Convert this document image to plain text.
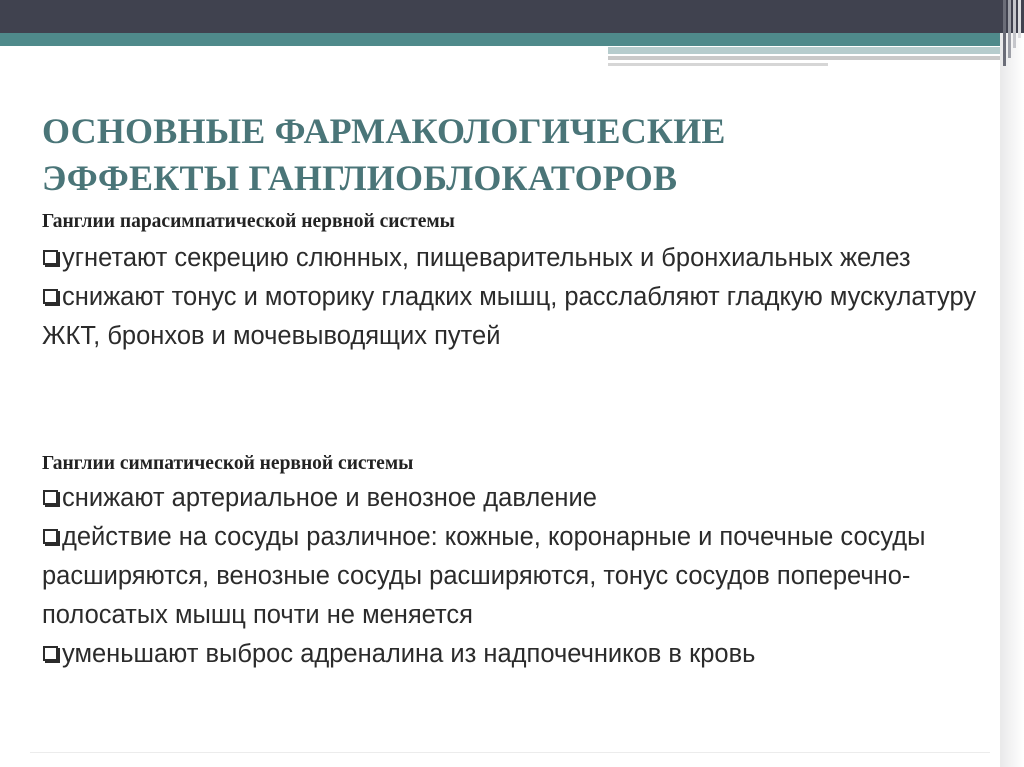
ОСНОВНЫЕ ФАРМАКОЛОГИЧЕСКИЕ
ЭФФЕКТЫ ГАНГЛИОБЛОКАТОРОВ
Ганглии парасимпатической нервной системы
угнетают секрецию слюнных, пищеварительных и бронхиальных желез
снижают тонус и моторику гладких мышц, расслабляют гладкую мускулатуру ЖКТ, бронхов и мочевыводящих путей
Ганглии симпатической нервной системы
снижают артериальное и венозное давление
действие на сосуды различное: кожные, коронарные и почечные сосуды расширяются, венозные сосуды расширяются, тонус сосудов поперечно- полосатых мышц почти не меняется
уменьшают выброс адреналина из надпочечников в кровь
